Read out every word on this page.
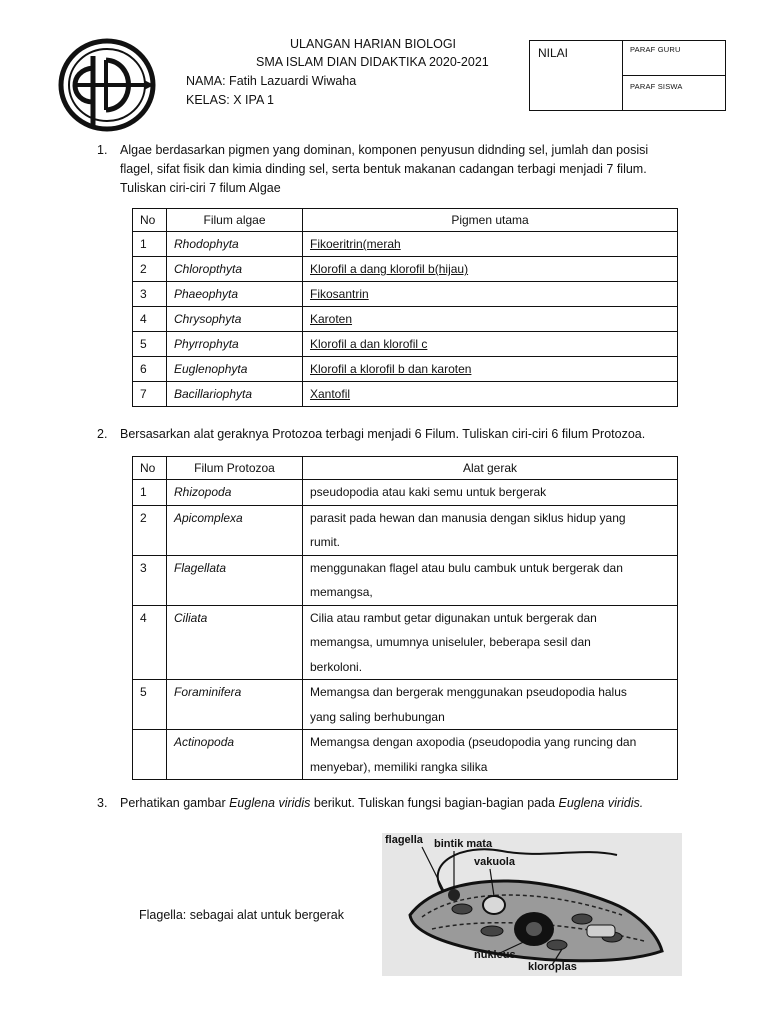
ULANGAN HARIAN BIOLOGI
SMA ISLAM DIAN DIDAKTIKA 2020-2021
NAMA: Fatih Lazuardi Wiwaha
KELAS: X IPA 1
NILAI	PARAF GURU
PARAF SISWA
1. Algae berdasarkan pigmen yang dominan, komponen penyusun didnding sel, jumlah dan posisi
flagel, sifat fisik dan kimia dinding sel, serta bentuk makanan cadangan terbagi menjadi 7 filum.
Tuliskan ciri-ciri 7 filum Algae
No	Filum algae	Pigmen utama
1	Rhodophyta	Fikoeritrin(merah
2	Chloropthyta	Klorofil a dang klorofil b(hijau)
3	Phaeophyta	Fikosantrin
4	Chrysophyta	Karoten
5	Phyrrophyta	Klorofil a dan klorofil c
6	Euglenophyta	Klorofil a klorofil b dan karoten
7	Bacillariophyta	Xantofil
2. Bersasarkan alat geraknya Protozoa terbagi menjadi 6 Filum. Tuliskan ciri-ciri 6 filum Protozoa.
No	Filum Protozoa	Alat gerak
1	Rhizopoda	pseudopodia atau kaki semu untuk bergerak

2	Apicomplexa	parasit pada hewan dan manusia dengan siklus hidup yang
rumit.

3	Flagellata	menggunakan flagel atau bulu cambuk untuk bergerak dan
memangsa,

4	Ciliata	Cilia atau rambut getar digunakan untuk bergerak dan
memangsa, umumnya uniseluler, beberapa sesil dan
berkoloni.

5	Foraminifera	Memangsa dan bergerak menggunakan pseudopodia halus
yang saling berhubungan

	Actinopoda	Memangsa dengan axopodia (pseudopodia yang runcing dan
menyebar), memiliki rangka silika
3. Perhatikan gambar Euglena viridis berikut. Tuliskan fungsi bagian-bagian pada Euglena viridis.
Flagella: sebagai alat untuk bergerak
flagella bintik mata
vakuola
nukleus
kloroplas
